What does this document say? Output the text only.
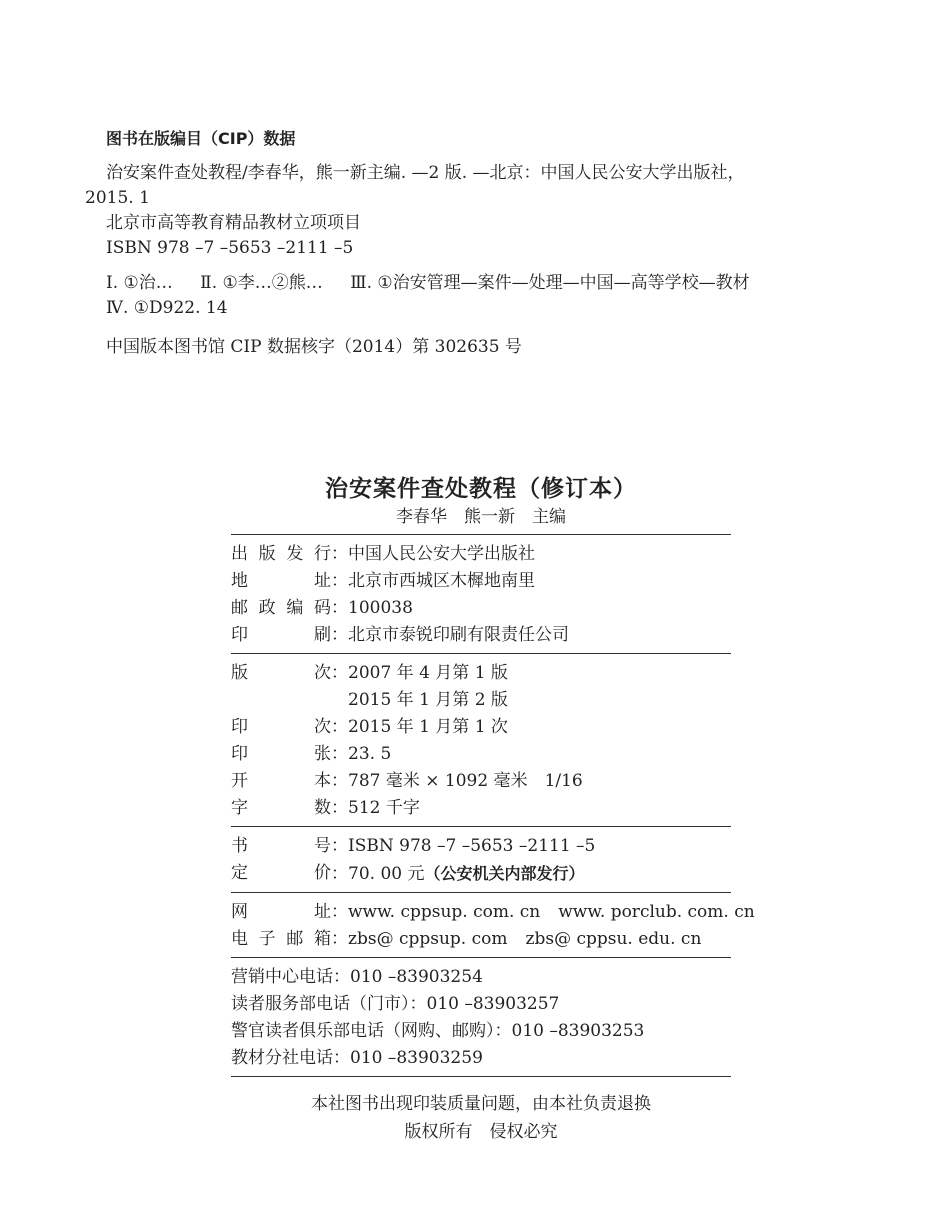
图书在版编目（CIP）数据
治安案件查处教程/李春华，熊一新主编. —2 版. —北京：中国人民公安大学出版社，
2015. 1
北京市高等教育精品教材立项项目
ISBN 978 –7 –5653 –2111 –5
Ⅰ. ①治… Ⅱ. ①李…②熊… Ⅲ. ①治安管理—案件—处理—中国—高等学校—教材
Ⅳ. ①D922. 14
中国版本图书馆 CIP 数据核字（2014）第 302635 号
治安案件查处教程（修订本）
李春华　熊一新　主编
出 版 发 行 ：中国人民公安大学出版社
地	址 ：北京市西城区木樨地南里
邮 政 编 码 ：100038
印	刷 ：北京市泰锐印刷有限责任公司
版	次 ：2007 年 4 月第 1 版
　2015 年 1 月第 2 版
印	次 ：2015 年 1 月第 1 次
印	张 ：23. 5
开	本 ：787 毫米 × 1092 毫米　1/16
字	数 ：512 千字
书	号 ：ISBN 978 –7 –5653 –2111 –5
定	价 ：70. 00 元（公安机关内部发行）
网	址 ：www. cppsup. com. cn www. porclub. com. cn
电 子 邮 箱 ：zbs@ cppsup. com zbs@ cppsu. edu. cn
营销中心电话：010 –83903254
读者服务部电话（门市）：010 –83903257
警官读者俱乐部电话（网购、邮购）：010 –83903253
教材分社电话：010 –83903259
本社图书出现印装质量问题，由本社负责退换
版权所有　侵权必究
